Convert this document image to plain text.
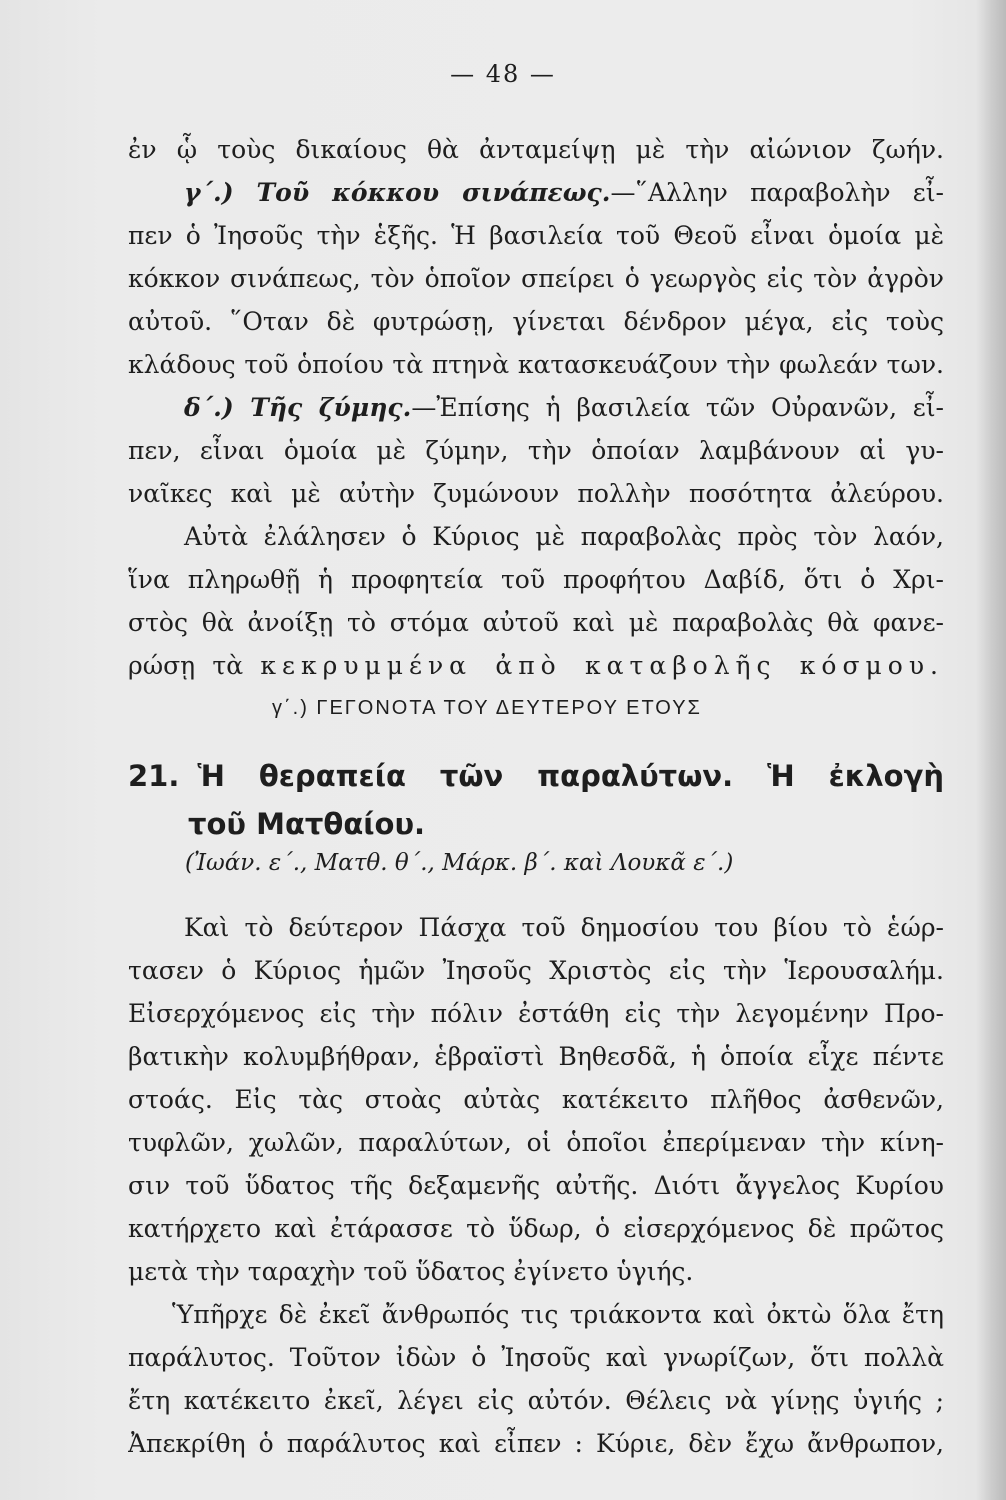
— 48 —
ἐν ᾧ τοὺς δικαίους θὰ ἀνταμείψῃ μὲ τὴν αἰώνιον ζωήν.
γ΄.) Τοῦ κόκκου σινάπεως.—῞Αλλην παραβολὴν εἶ-
πεν ὁ Ἰησοῦς τὴν ἑξῆς. Ἡ βασιλεία τοῦ Θεοῦ εἶναι ὁμοία μὲ
κόκκον σινάπεως, τὸν ὁποῖον σπείρει ὁ γεωργὸς εἰς τὸν ἀγρὸν
αὐτοῦ. ῞Οταν δὲ φυτρώσῃ, γίνεται δένδρον μέγα, εἰς τοὺς
κλάδους τοῦ ὁποίου τὰ πτηνὰ κατασκευάζουν τὴν φωλεάν των.
δ΄.) Τῆς ζύμης.—Ἐπίσης ἡ βασιλεία τῶν Οὐρανῶν, εἶ-
πεν, εἶναι ὁμοία μὲ ζύμην, τὴν ὁποίαν λαμβάνουν αἱ γυ-
ναῖκες καὶ μὲ αὐτὴν ζυμώνουν πολλὴν ποσότητα ἀλεύρου.
Αὐτὰ ἐλάλησεν ὁ Κύριος μὲ παραβολὰς πρὸς τὸν λαόν,
ἵνα πληρωθῇ ἡ προφητεία τοῦ προφήτου Δαβίδ, ὅτι ὁ Χρι-
στὸς θὰ ἀνοίξῃ τὸ στόμα αὐτοῦ καὶ μὲ παραβολὰς θὰ φανε-
ρώσῃ τὰ κεκρυμμένα ἀπὸ καταβολῆς κόσμου.
γ΄.) ΓΕΓΟΝΟΤΑ ΤΟΥ ΔΕΥΤΕΡΟΥ ΕΤΟΥΣ
21. Ἡ θεραπεία τῶν παραλύτων. Ἡ ἐκλογὴ
τοῦ Ματθαίου.
(Ἰωάν. ε΄., Ματθ. θ΄., Μάρκ. β΄. καὶ Λουκᾶ ε΄.)
Καὶ τὸ δεύτερον Πάσχα τοῦ δημοσίου του βίου τὸ ἑώρ-
τασεν ὁ Κύριος ἡμῶν Ἰησοῦς Χριστὸς εἰς τὴν Ἱερουσαλήμ.
Εἰσερχόμενος εἰς τὴν πόλιν ἐστάθη εἰς τὴν λεγομένην Προ-
βατικὴν κολυμβήθραν, ἑβραϊστὶ Βηθεσδᾶ, ἡ ὁποία εἶχε πέντε
στοάς. Εἰς τὰς στοὰς αὐτὰς κατέκειτο πλῆθος ἀσθενῶν,
τυφλῶν, χωλῶν, παραλύτων, οἱ ὁποῖοι ἐπερίμεναν τὴν κίνη-
σιν τοῦ ὕδατος τῆς δεξαμενῆς αὐτῆς. Διότι ἄγγελος Κυρίου
κατήρχετο καὶ ἐτάρασσε τὸ ὕδωρ, ὁ εἰσερχόμενος δὲ πρῶτος
μετὰ τὴν ταραχὴν τοῦ ὕδατος ἐγίνετο ὑγιής.
Ὑπῆρχε δὲ ἐκεῖ ἄνθρωπός τις τριάκοντα καὶ ὀκτὼ ὅλα ἔτη
παράλυτος. Τοῦτον ἰδὼν ὁ Ἰησοῦς καὶ γνωρίζων, ὅτι πολλὰ
ἔτη κατέκειτο ἐκεῖ, λέγει εἰς αὐτόν. Θέλεις νὰ γίνῃς ὑγιής ;
Ἀπεκρίθη ὁ παράλυτος καὶ εἶπεν : Κύριε, δὲν ἔχω ἄνθρωπον,
